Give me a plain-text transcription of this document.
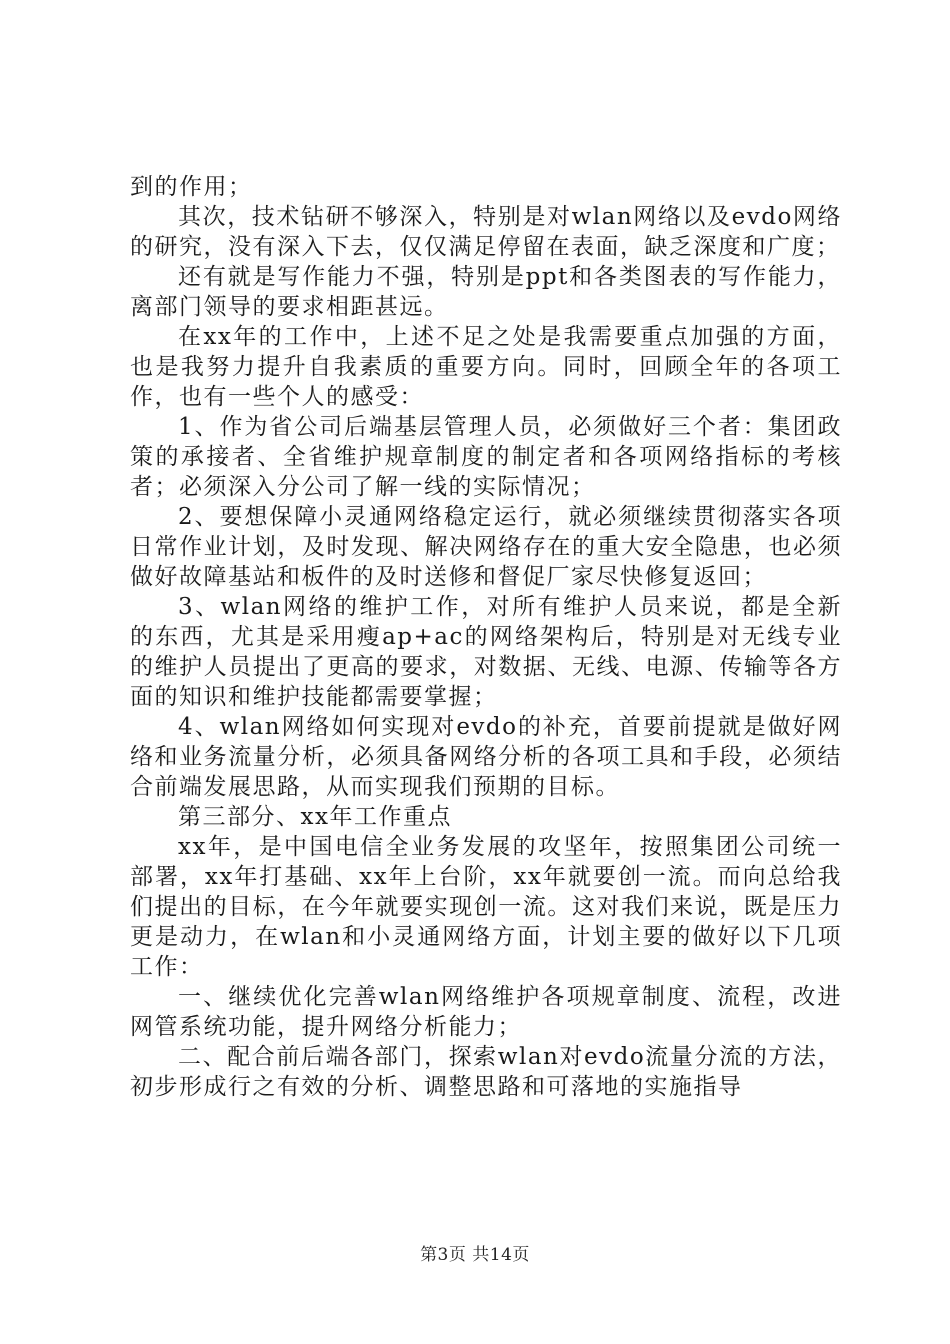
到的作用；

其次，技术钻研不够深入，特别是对wlan网络以及evdo网络的研究，没有深入下去，仅仅满足停留在表面，缺乏深度和广度；

还有就是写作能力不强，特别是ppt和各类图表的写作能力，离部门领导的要求相距甚远。

在xx年的工作中，上述不足之处是我需要重点加强的方面，也是我努力提升自我素质的重要方向。同时，回顾全年的各项工作，也有一些个人的感受：

1、作为省公司后端基层管理人员，必须做好三个者：集团政策的承接者、全省维护规章制度的制定者和各项网络指标的考核者；必须深入分公司了解一线的实际情况；

2、要想保障小灵通网络稳定运行，就必须继续贯彻落实各项日常作业计划，及时发现、解决网络存在的重大安全隐患，也必须做好故障基站和板件的及时送修和督促厂家尽快修复返回；

3、wlan网络的维护工作，对所有维护人员来说，都是全新的东西，尤其是采用瘦ap+ac的网络架构后，特别是对无线专业的维护人员提出了更高的要求，对数据、无线、电源、传输等各方面的知识和维护技能都需要掌握；

4、wlan网络如何实现对evdo的补充，首要前提就是做好网络和业务流量分析，必须具备网络分析的各项工具和手段，必须结合前端发展思路，从而实现我们预期的目标。

第三部分、xx年工作重点

xx年，是中国电信全业务发展的攻坚年，按照集团公司统一部署，xx年打基础、xx年上台阶，xx年就要创一流。而向总给我们提出的目标，在今年就要实现创一流。这对我们来说，既是压力更是动力，在wlan和小灵通网络方面，计划主要的做好以下几项工作：

一、继续优化完善wlan网络维护各项规章制度、流程，改进网管系统功能，提升网络分析能力；

二、配合前后端各部门，探索wlan对evdo流量分流的方法，初步形成行之有效的分析、调整思路和可落地的实施指导

第3页 共14页
